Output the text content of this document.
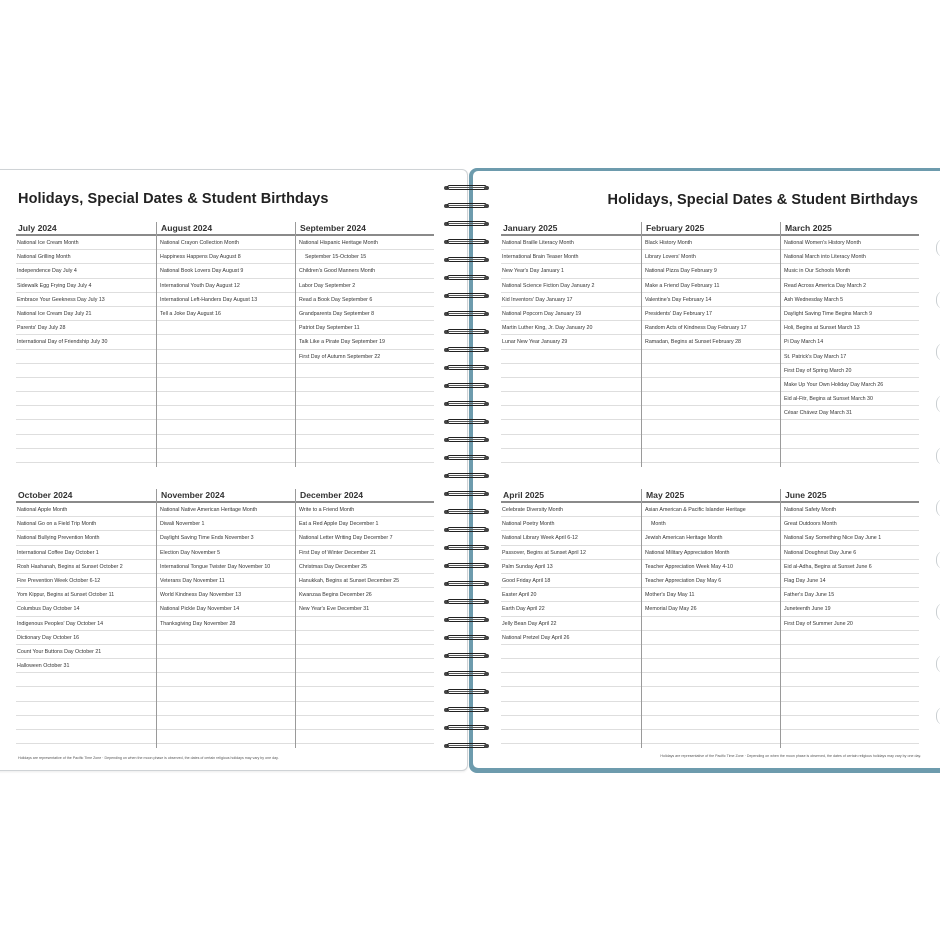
Holidays, Special Dates & Student Birthdays
July 2024
National Ice Cream Month
National Grilling Month
Independence Day July 4
Sidewalk Egg Frying Day July 4
Embrace Your Geekness Day July 13
National Ice Cream Day July 21
Parents' Day July 28
International Day of Friendship July 30
August 2024
National Crayon Collection Month
Happiness Happens Day August 8
National Book Lovers Day August 9
International Youth Day August 12
International Left-Handers Day August 13
Tell a Joke Day August 16
September 2024
National Hispanic Heritage Month
September 15-October 15
Children's Good Manners Month
Labor Day September 2
Read a Book Day September 6
Grandparents Day September 8
Patriot Day September 11
Talk Like a Pirate Day September 19
First Day of Autumn September 22
October 2024
National Apple Month
National Go on a Field Trip Month
National Bullying Prevention Month
International Coffee Day October 1
Rosh Hashanah, Begins at Sunset October 2
Fire Prevention Week October 6-12
Yom Kippur, Begins at Sunset October 11
Columbus Day October 14
Indigenous Peoples' Day October 14
Dictionary Day October 16
Count Your Buttons Day October 21
Halloween October 31
November 2024
National Native American Heritage Month
Diwali November 1
Daylight Saving Time Ends November 3
Election Day November 5
International Tongue Twister Day November 10
Veterans Day November 11
World Kindness Day November 13
National Pickle Day November 14
Thanksgiving Day November 28
December 2024
Write to a Friend Month
Eat a Red Apple Day December 1
National Letter Writing Day December 7
First Day of Winter December 21
Christmas Day December 25
Hanukkah, Begins at Sunset December 25
Kwanzaa Begins December 26
New Year's Eve December 31
Holidays are representative of the Pacific Time Zone · Depending on when the moon phase is observed, the dates of certain religious holidays may vary by one day.
Holidays, Special Dates & Student Birthdays
January 2025
National Braille Literacy Month
International Brain Teaser Month
New Year's Day January 1
National Science Fiction Day January 2
Kid Inventors' Day January 17
National Popcorn Day January 19
Martin Luther King, Jr. Day January 20
Lunar New Year January 29
February 2025
Black History Month
Library Lovers' Month
National Pizza Day February 9
Make a Friend Day February 11
Valentine's Day February 14
Presidents' Day February 17
Random Acts of Kindness Day February 17
Ramadan, Begins at Sunset February 28
March 2025
National Women's History Month
National March into Literacy Month
Music in Our Schools Month
Read Across America Day March 2
Ash Wednesday March 5
Daylight Saving Time Begins March 9
Holi, Begins at Sunset March 13
Pi Day March 14
St. Patrick's Day March 17
First Day of Spring March 20
Make Up Your Own Holiday Day March 26
Eid al-Fitr, Begins at Sunset March 30
César Chávez Day March 31
April 2025
Celebrate Diversity Month
National Poetry Month
National Library Week April 6-12
Passover, Begins at Sunset April 12
Palm Sunday April 13
Good Friday April 18
Easter April 20
Earth Day April 22
Jelly Bean Day April 22
National Pretzel Day April 26
May 2025
Asian American & Pacific Islander Heritage
Month
Jewish American Heritage Month
National Military Appreciation Month
Teacher Appreciation Week May 4-10
Teacher Appreciation Day May 6
Mother's Day May 11
Memorial Day May 26
June 2025
National Safety Month
Great Outdoors Month
National Say Something Nice Day June 1
National Doughnut Day June 6
Eid al-Adha, Begins at Sunset June 6
Flag Day June 14
Father's Day June 15
Juneteenth June 19
First Day of Summer June 20
Holidays are representative of the Pacific Time Zone · Depending on when the moon phase is observed, the dates of certain religious holidays may vary by one day.
